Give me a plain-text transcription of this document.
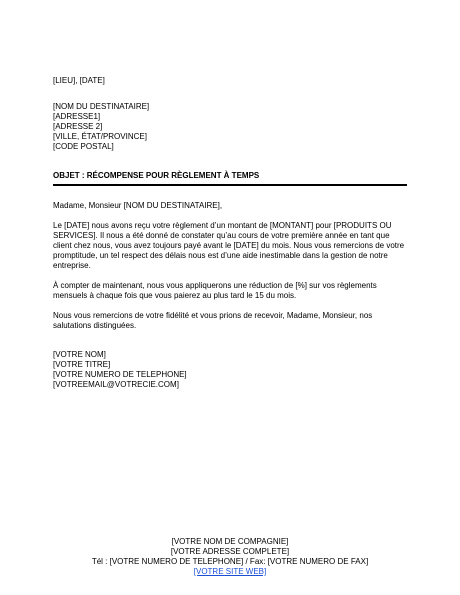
[LIEU], [DATE]
[NOM DU DESTINATAIRE]
[ADRESSE1]
[ADRESSE 2]
[VILLE, ÉTAT/PROVINCE]
[CODE POSTAL]
OBJET : RÉCOMPENSE POUR RÈGLEMENT À TEMPS
Madame, Monsieur [NOM DU DESTINATAIRE],
Le [DATE] nous avons reçu votre règlement d’un montant de [MONTANT] pour [PRODUITS OU SERVICES]. Il nous a été donné de constater qu’au cours de votre première année en tant que client chez nous, vous avez toujours payé avant le [DATE] du mois. Nous vous remercions de votre promptitude, un tel respect des délais nous est d’une aide inestimable dans la gestion de notre entreprise.
À compter de maintenant, nous vous appliquerons une réduction de [%] sur vos règlements mensuels à chaque fois que vous paierez au plus tard le 15 du mois.
Nous vous remercions de votre fidélité et vous prions de recevoir, Madame, Monsieur, nos salutations distinguées.
[VOTRE NOM]
[VOTRE TITRE]
[VOTRE NUMERO DE TELEPHONE]
[VOTREEMAIL@VOTRECIE.COM]
[VOTRE NOM DE COMPAGNIE]
[VOTRE ADRESSE COMPLETE]
Tél : [VOTRE NUMERO DE TELEPHONE] / Fax: [VOTRE NUMERO DE FAX]
[VOTRE SITE WEB]
